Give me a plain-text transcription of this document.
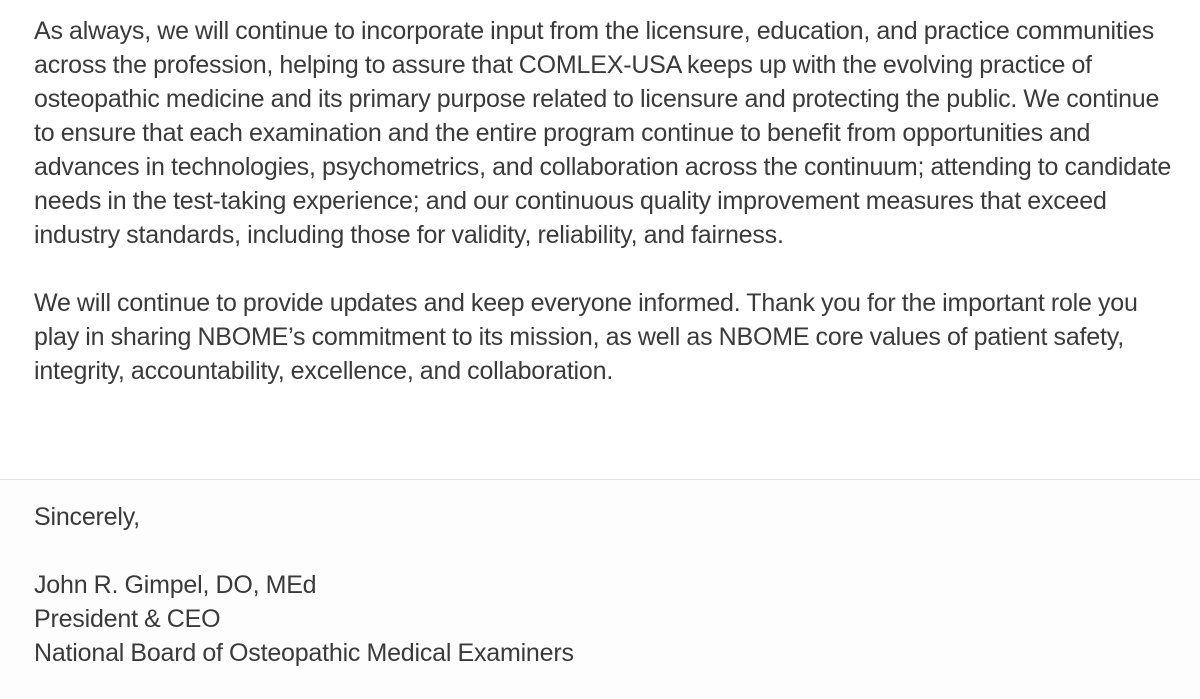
As always, we will continue to incorporate input from the licensure, education, and practice communities across the profession, helping to assure that COMLEX-USA keeps up with the evolving practice of osteopathic medicine and its primary purpose related to licensure and protecting the public. We continue to ensure that each examination and the entire program continue to benefit from opportunities and advances in technologies, psychometrics, and collaboration across the continuum; attending to candidate needs in the test-taking experience; and our continuous quality improvement measures that exceed industry standards, including those for validity, reliability, and fairness.

We will continue to provide updates and keep everyone informed. Thank you for the important role you play in sharing NBOME’s commitment to its mission, as well as NBOME core values of patient safety, integrity, accountability, excellence, and collaboration.

Sincerely,
John R. Gimpel, DO, MEd
President & CEO
National Board of Osteopathic Medical Examiners
